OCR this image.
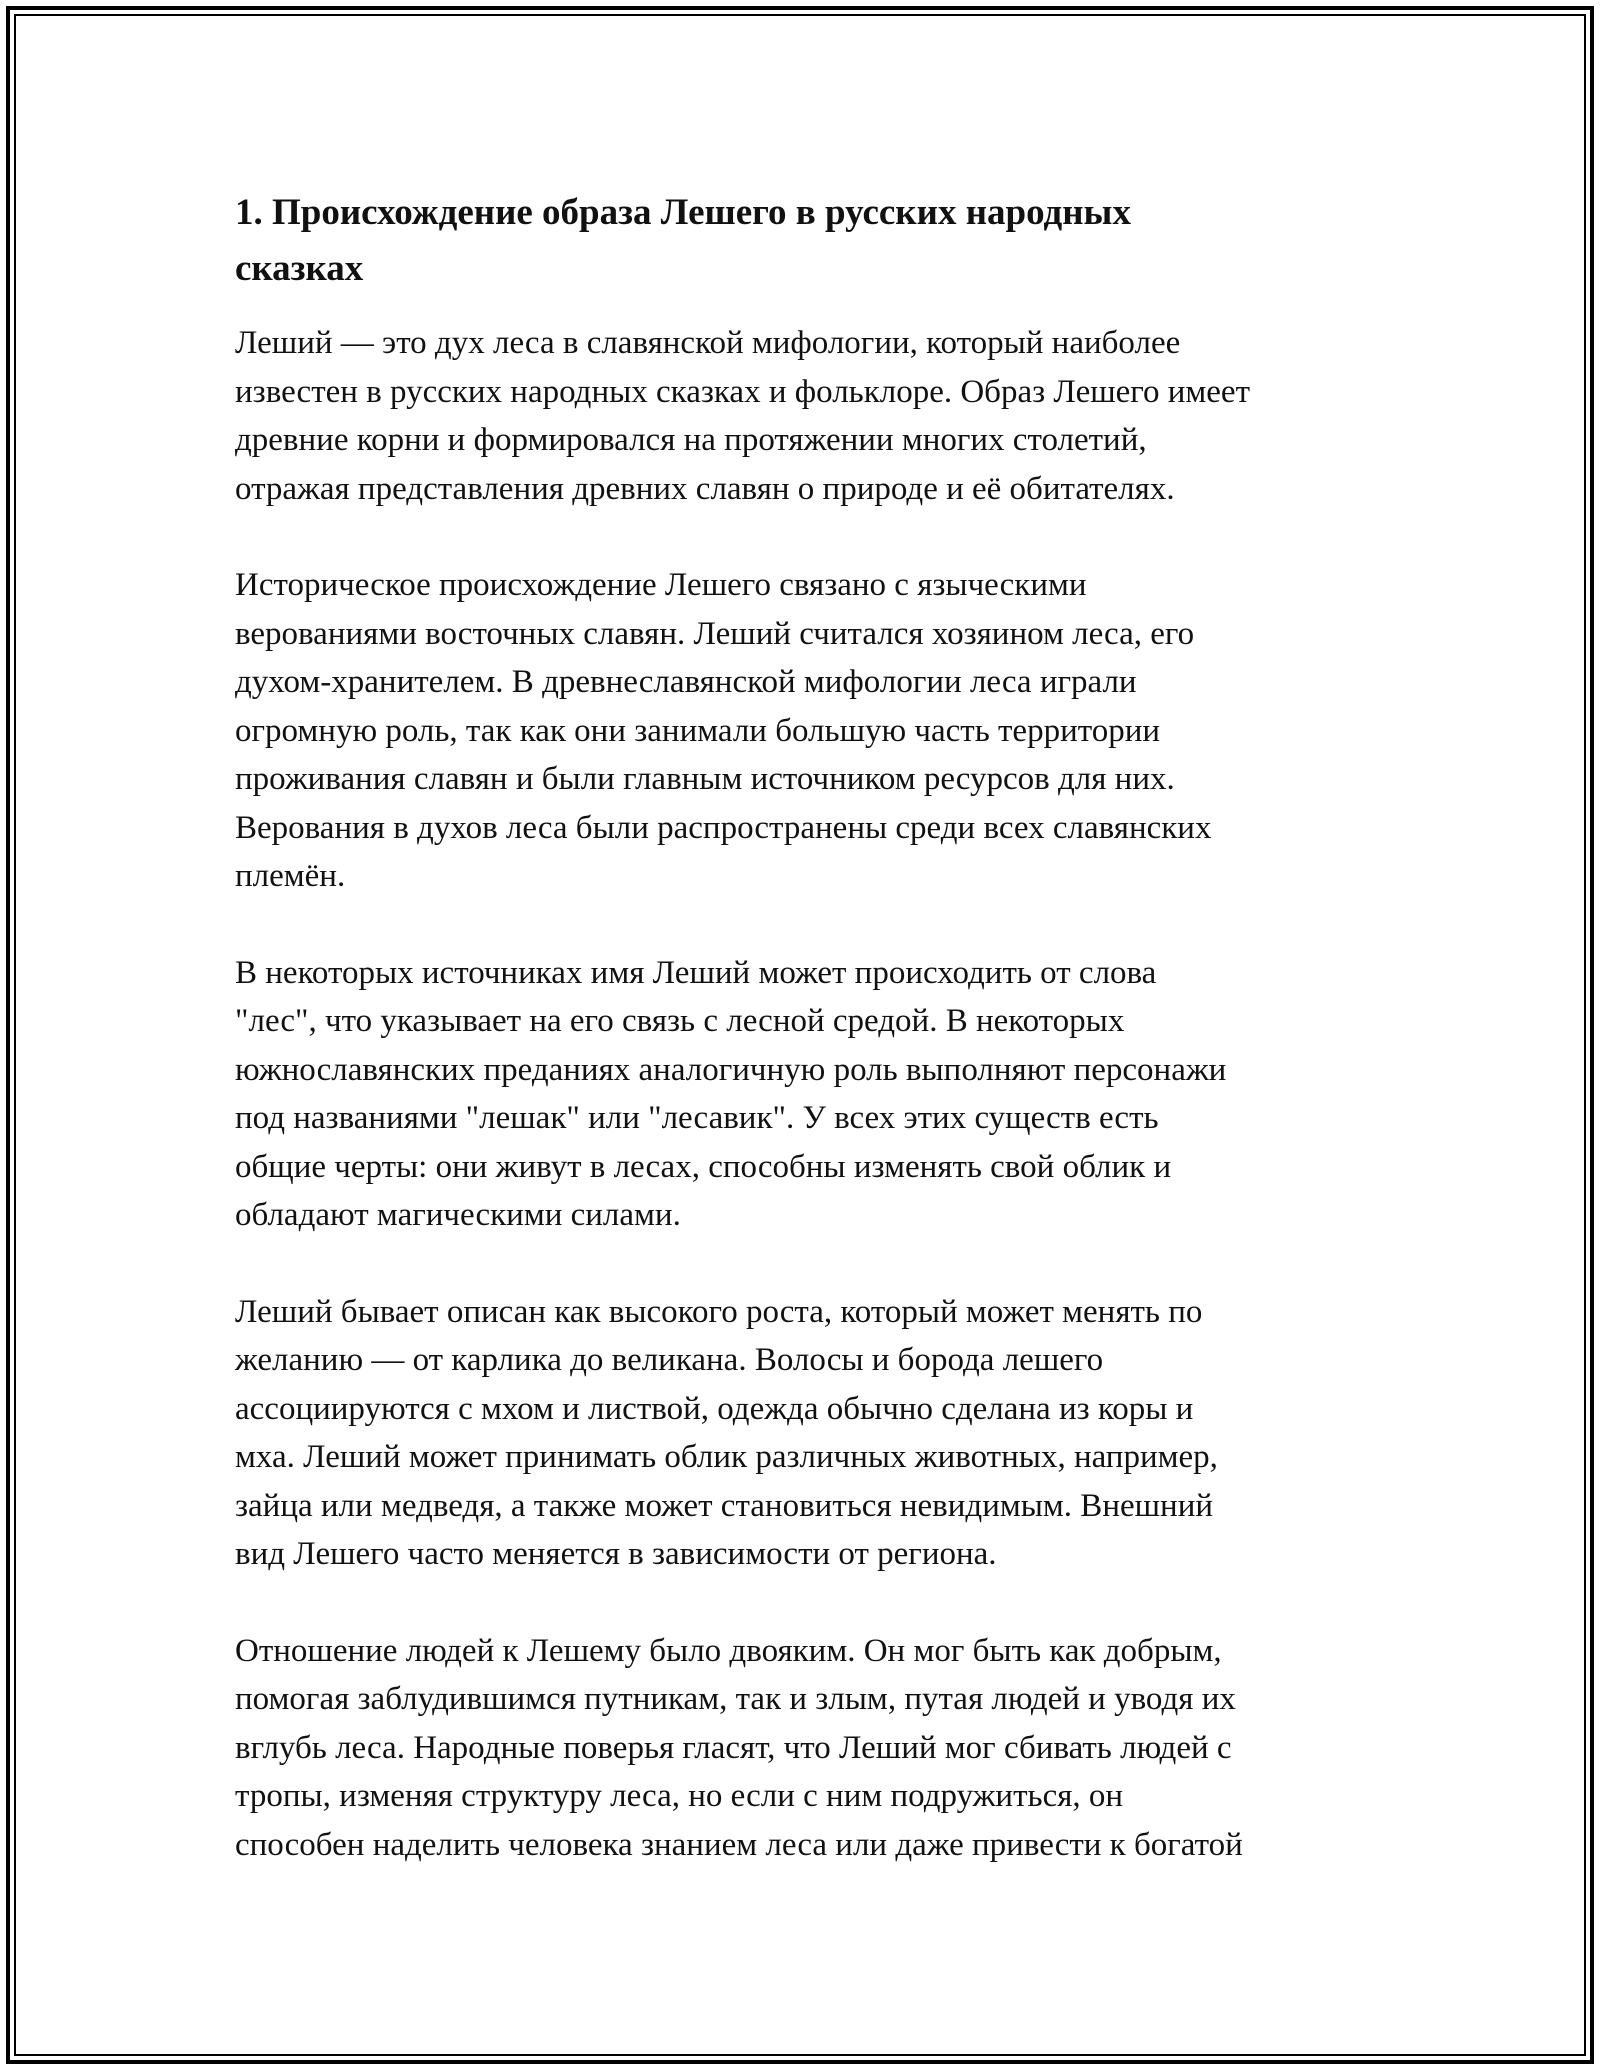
1. Происхождение образа Лешего в русских народных
сказках

Леший — это дух леса в славянской мифологии, который наиболее
известен в русских народных сказках и фольклоре. Образ Лешего имеет
древние корни и формировался на протяжении многих столетий,
отражая представления древних славян о природе и её обитателях.

Историческое происхождение Лешего связано с языческими
верованиями восточных славян. Леший считался хозяином леса, его
духом-хранителем. В древнеславянской мифологии леса играли
огромную роль, так как они занимали большую часть территории
проживания славян и были главным источником ресурсов для них.
Верования в духов леса были распространены среди всех славянских
племён.

В некоторых источниках имя Леший может происходить от слова
"лес", что указывает на его связь с лесной средой. В некоторых
южнославянских преданиях аналогичную роль выполняют персонажи
под названиями "лешак" или "лесавик". У всех этих существ есть
общие черты: они живут в лесах, способны изменять свой облик и
обладают магическими силами.

Леший бывает описан как высокого роста, который может менять по
желанию — от карлика до великана. Волосы и борода лешего
ассоциируются с мхом и листвой, одежда обычно сделана из коры и
мха. Леший может принимать облик различных животных, например,
зайца или медведя, а также может становиться невидимым. Внешний
вид Лешего часто меняется в зависимости от региона.

Отношение людей к Лешему было двояким. Он мог быть как добрым,
помогая заблудившимся путникам, так и злым, путая людей и уводя их
вглубь леса. Народные поверья гласят, что Леший мог сбивать людей с
тропы, изменяя структуру леса, но если с ним подружиться, он
способен наделить человека знанием леса или даже привести к богатой
